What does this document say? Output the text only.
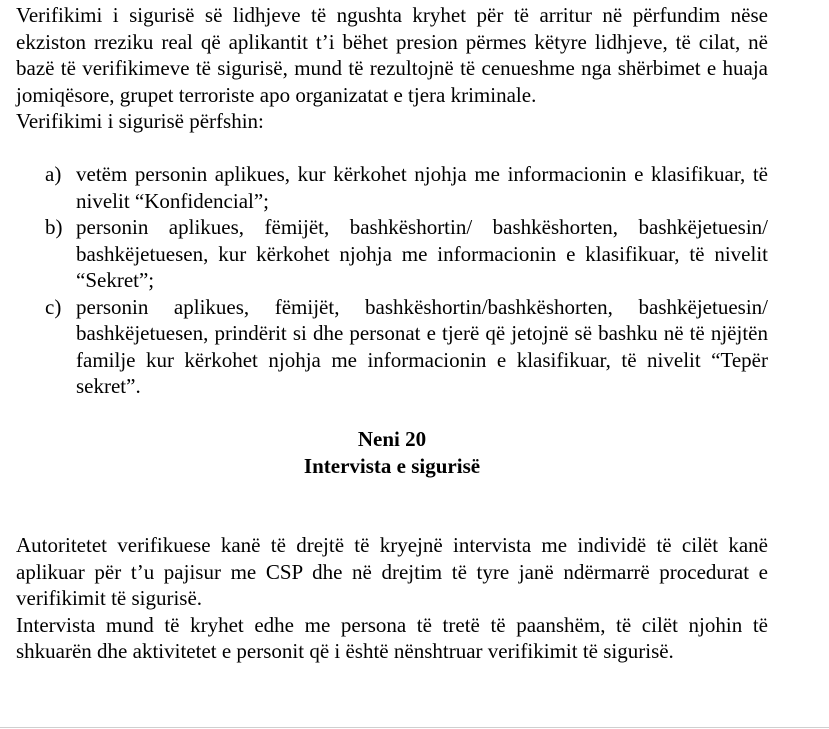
Verifikimi i sigurisë së lidhjeve të ngushta kryhet për të arritur në përfundim nëse ekziston rreziku real që aplikantit t’i bëhet presion përmes këtyre lidhjeve, të cilat, në bazë të verifikimeve të sigurisë, mund të rezultojnë të cenueshme nga shërbimet e huaja jomiqësore, grupet terroriste apo organizatat e tjera kriminale.

Verifikimi i sigurisë përfshin:

a) vetëm personin aplikues, kur kërkohet njohja me informacionin e klasifikuar, të nivelit “Konfidencial”;
b) personin aplikues, fëmijët, bashkëshortin/ bashkëshorten, bashkëjetuesin/ bashkëjetuesen, kur kërkohet njohja me informacionin e klasifikuar, të nivelit “Sekret”;
c) personin aplikues, fëmijët, bashkëshortin/bashkëshorten, bashkëjetuesin/ bashkëjetuesen, prindërit si dhe personat e tjerë që jetojnë së bashku në të njëjtën familje kur kërkohet njohja me informacionin e klasifikuar, të nivelit “Tepër sekret”.
Neni 20
Intervista e sigurisë

Autoritetet verifikuese kanë të drejtë të kryejnë intervista me individë të cilët kanë aplikuar për t’u pajisur me CSP dhe në drejtim të tyre janë ndërmarrë procedurat e verifikimit të sigurisë.

Intervista mund të kryhet edhe me persona të tretë të paanshëm, të cilët njohin të shkuarën dhe aktivitetet e personit që i është nënshtruar verifikimit të sigurisë.
